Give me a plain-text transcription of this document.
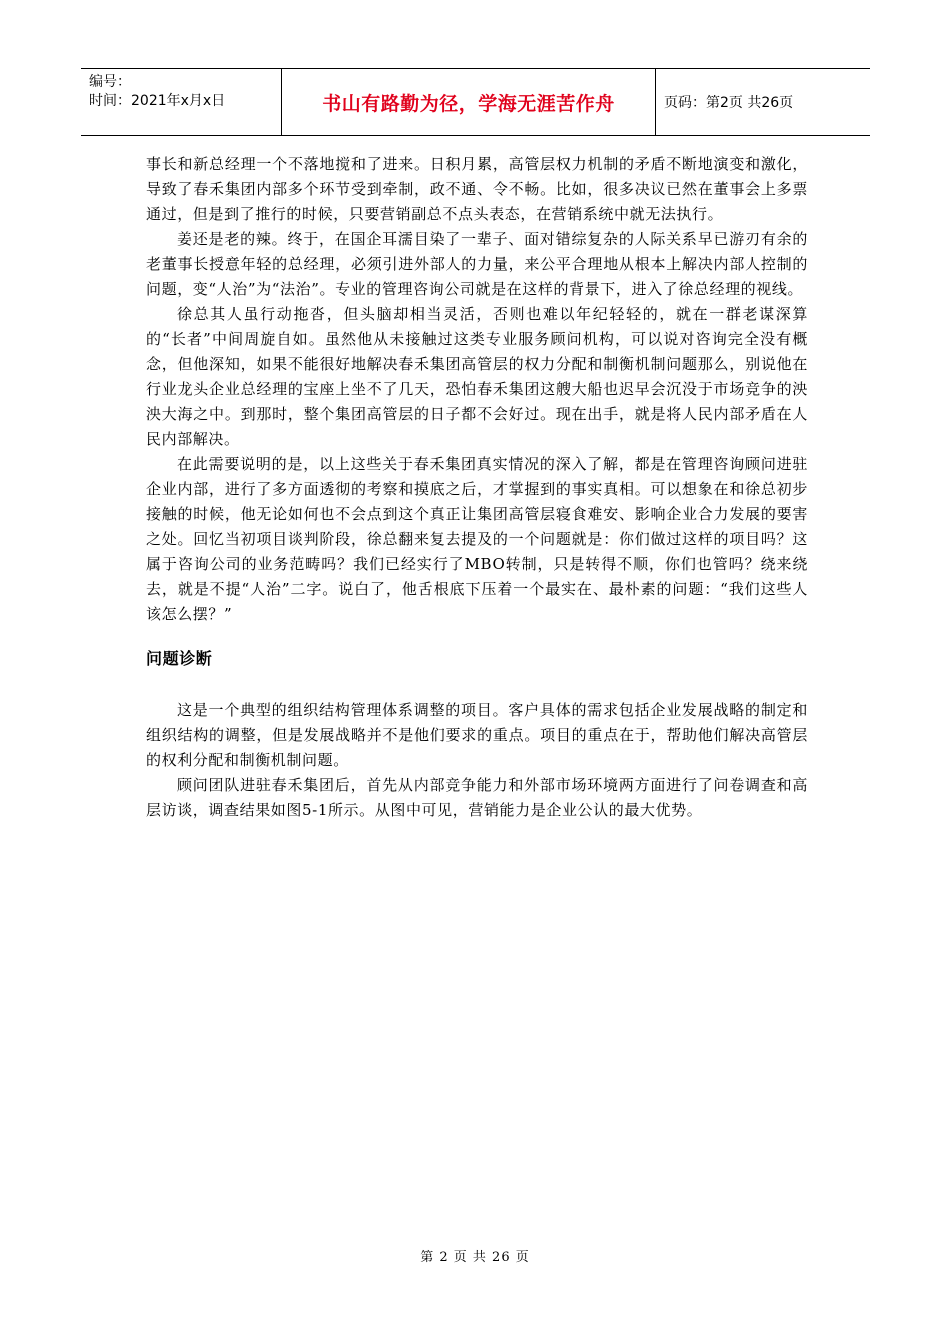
编号：
时间：2021年x月x日	书山有路勤为径，学海无涯苦作舟	页码：第2页 共26页

事长和新总经理一个不落地搅和了进来。日积月累，高管层权力机制的矛盾不断地演变和激化，导致了春禾集团内部多个环节受到牵制，政不通、令不畅。比如，很多决议已然在董事会上多票通过，但是到了推行的时候，只要营销副总不点头表态，在营销系统中就无法执行。

姜还是老的辣。终于，在国企耳濡目染了一辈子、面对错综复杂的人际关系早已游刃有余的老董事长授意年轻的总经理，必须引进外部人的力量，来公平合理地从根本上解决内部人控制的问题，变“人治”为“法治”。专业的管理咨询公司就是在这样的背景下，进入了徐总经理的视线。

徐总其人虽行动拖沓，但头脑却相当灵活，否则也难以年纪轻轻的，就在一群老谋深算的“长者”中间周旋自如。虽然他从未接触过这类专业服务顾问机构，可以说对咨询完全没有概念，但他深知，如果不能很好地解决春禾集团高管层的权力分配和制衡机制问题那么，别说他在行业龙头企业总经理的宝座上坐不了几天，恐怕春禾集团这艘大船也迟早会沉没于市场竞争的泱泱大海之中。到那时，整个集团高管层的日子都不会好过。现在出手，就是将人民内部矛盾在人民内部解决。

在此需要说明的是，以上这些关于春禾集团真实情况的深入了解，都是在管理咨询顾问进驻企业内部，进行了多方面透彻的考察和摸底之后，才掌握到的事实真相。可以想象在和徐总初步接触的时候，他无论如何也不会点到这个真正让集团高管层寝食难安、影响企业合力发展的要害之处。回忆当初项目谈判阶段，徐总翻来复去提及的一个问题就是：你们做过这样的项目吗？这属于咨询公司的业务范畴吗？我们已经实行了MBO转制，只是转得不顺，你们也管吗？绕来绕去，就是不提“人治”二字。说白了，他舌根底下压着一个最实在、最朴素的问题：“我们这些人该怎么摆？”

问题诊断

这是一个典型的组织结构管理体系调整的项目。客户具体的需求包括企业发展战略的制定和组织结构的调整，但是发展战略并不是他们要求的重点。项目的重点在于，帮助他们解决高管层的权利分配和制衡机制问题。

顾问团队进驻春禾集团后，首先从内部竞争能力和外部市场环境两方面进行了问卷调查和高层访谈，调查结果如图5-1所示。从图中可见，营销能力是企业公认的最大优势。

第 2 页 共 26 页
